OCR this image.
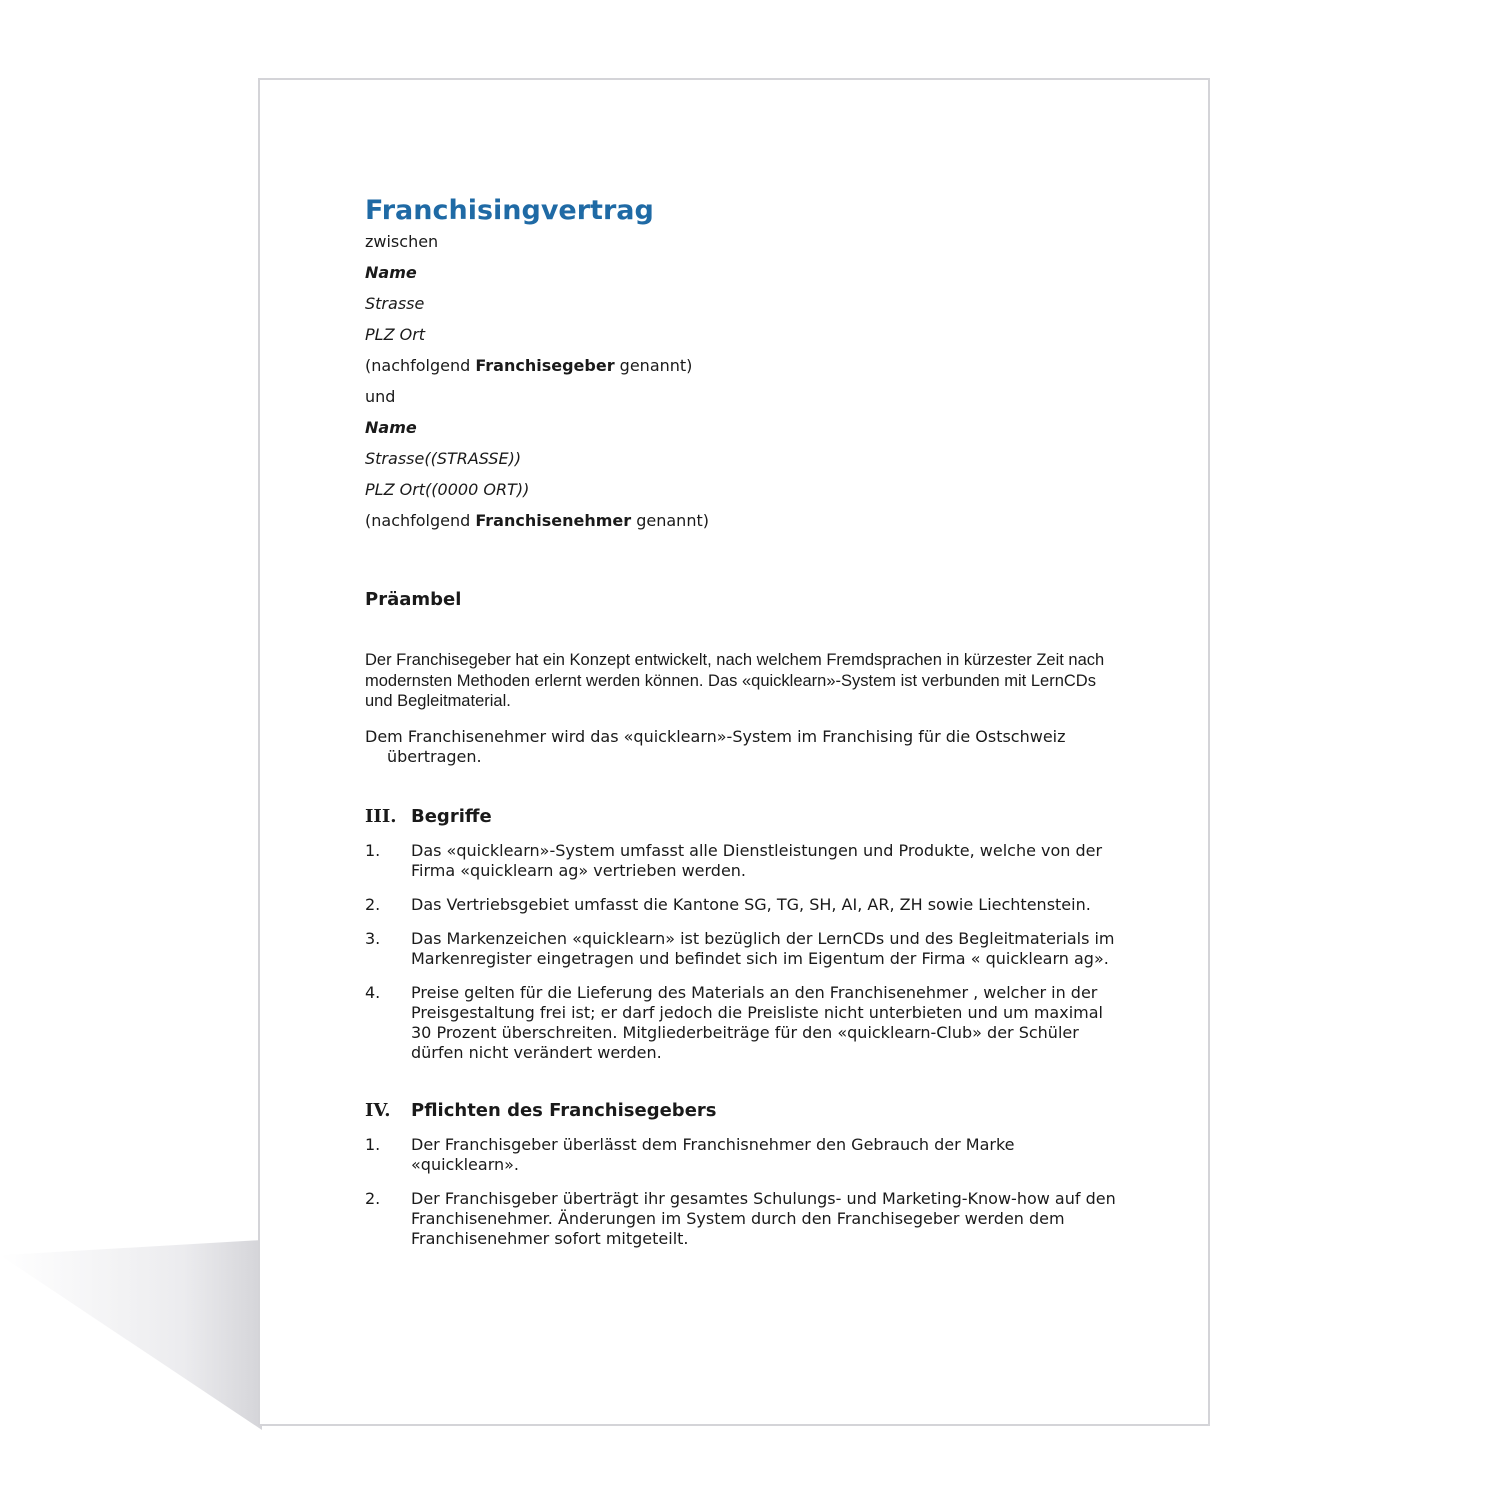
Franchisingvertrag

zwischen

Name

Strasse

PLZ Ort

(nachfolgend Franchisegeber genannt)

und

Name

Strasse((STRASSE))

PLZ Ort((0000 ORT))

(nachfolgend Franchisenehmer genannt)

Präambel

Der Franchisegeber hat ein Konzept entwickelt, nach welchem Fremdsprachen in kürzester Zeit nach modernsten Methoden erlernt werden können. Das «quicklearn»-System ist verbunden mit LernCDs und Begleitmaterial.

Dem Franchisenehmer wird das «quicklearn»-System im Franchising für die Ostschweiz übertragen.

III. Begriffe
1.	Das «quicklearn»-System umfasst alle Dienstleistungen und Produkte, welche von der Firma «quicklearn ag» vertrieben werden.
2.	Das Vertriebsgebiet umfasst die Kantone SG, TG, SH, AI, AR, ZH sowie Liechtenstein.
3.	Das Markenzeichen «quicklearn» ist bezüglich der LernCDs und des Begleitmaterials im Markenregister eingetragen und befindet sich im Eigentum der Firma « quicklearn ag».
4.	Preise gelten für die Lieferung des Materials an den Franchisenehmer , welcher in der Preisgestaltung frei ist; er darf jedoch die Preisliste nicht unterbieten und um maximal 30 Prozent überschreiten. Mitgliederbeiträge für den «quicklearn-Club» der Schüler dürfen nicht verändert werden.
IV.	Pflichten des Franchisegebers
1.	Der Franchisgeber überlässt dem Franchisnehmer den Gebrauch der Marke «quicklearn».
2.	Der Franchisgeber überträgt ihr gesamtes Schulungs- und Marketing-Know-how auf den Franchisenehmer. Änderungen im System durch den Franchisegeber werden dem Franchisenehmer sofort mitgeteilt.
